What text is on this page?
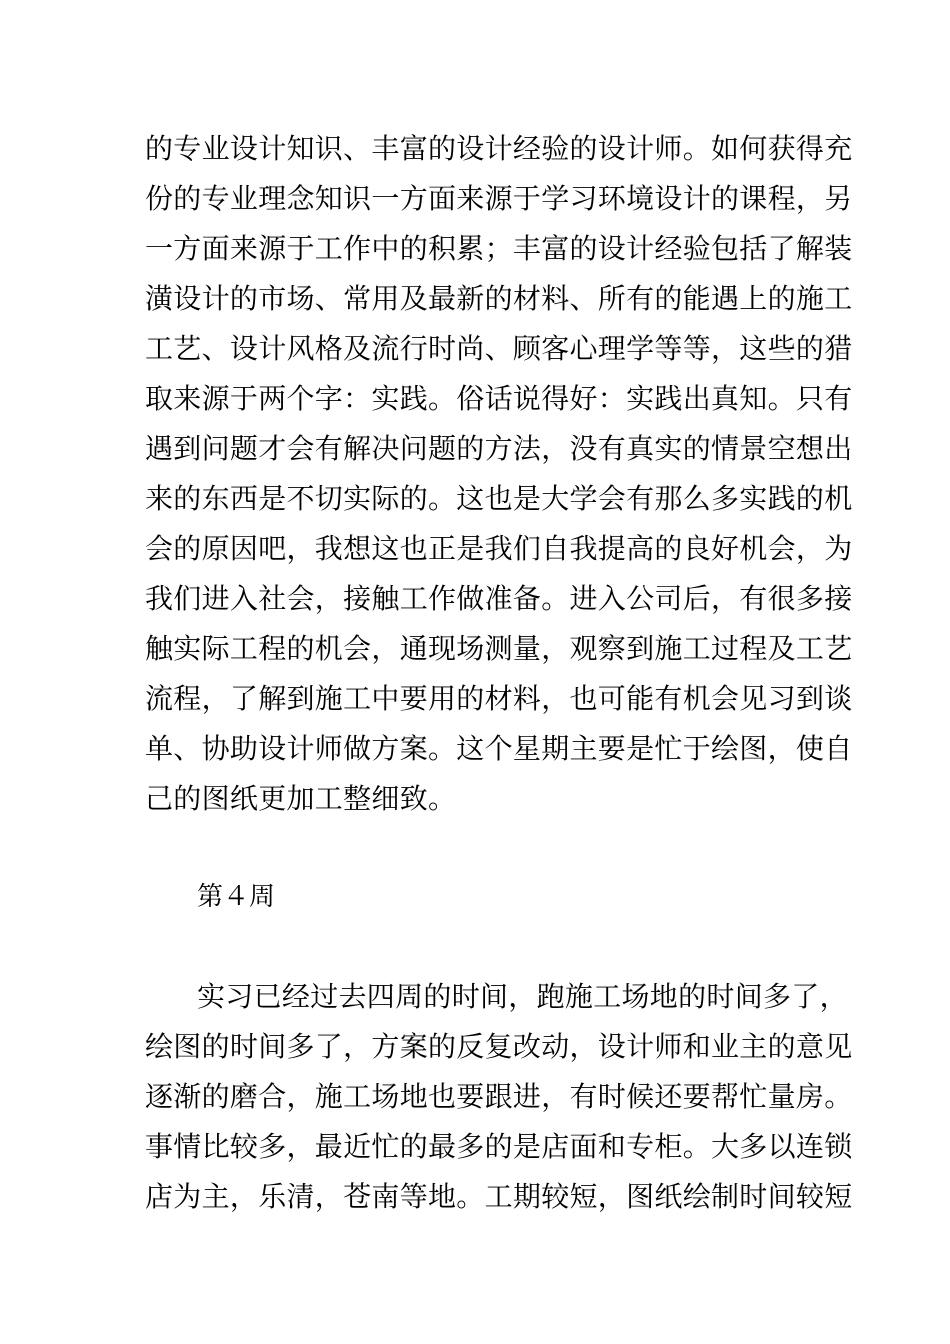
的专业设计知识、丰富的设计经验的设计师。如何获得充
份的专业理念知识一方面来源于学习环境设计的课程，另
一方面来源于工作中的积累；丰富的设计经验包括了解装
潢设计的市场、常用及最新的材料、所有的能遇上的施工
工艺、设计风格及流行时尚、顾客心理学等等，这些的猎
取来源于两个字：实践。俗话说得好：实践出真知。只有
遇到问题才会有解决问题的方法，没有真实的情景空想出
来的东西是不切实际的。这也是大学会有那么多实践的机
会的原因吧，我想这也正是我们自我提高的良好机会，为
我们进入社会，接触工作做准备。进入公司后，有很多接
触实际工程的机会，通现场测量，观察到施工过程及工艺
流程，了解到施工中要用的材料，也可能有机会见习到谈
单、协助设计师做方案。这个星期主要是忙于绘图，使自
己的图纸更加工整细致。
第４周
实习已经过去四周的时间，跑施工场地的时间多了，
绘图的时间多了，方案的反复改动，设计师和业主的意见
逐渐的磨合，施工场地也要跟进，有时候还要帮忙量房。
事情比较多，最近忙的最多的是店面和专柜。大多以连锁
店为主，乐清，苍南等地。工期较短，图纸绘制时间较短
